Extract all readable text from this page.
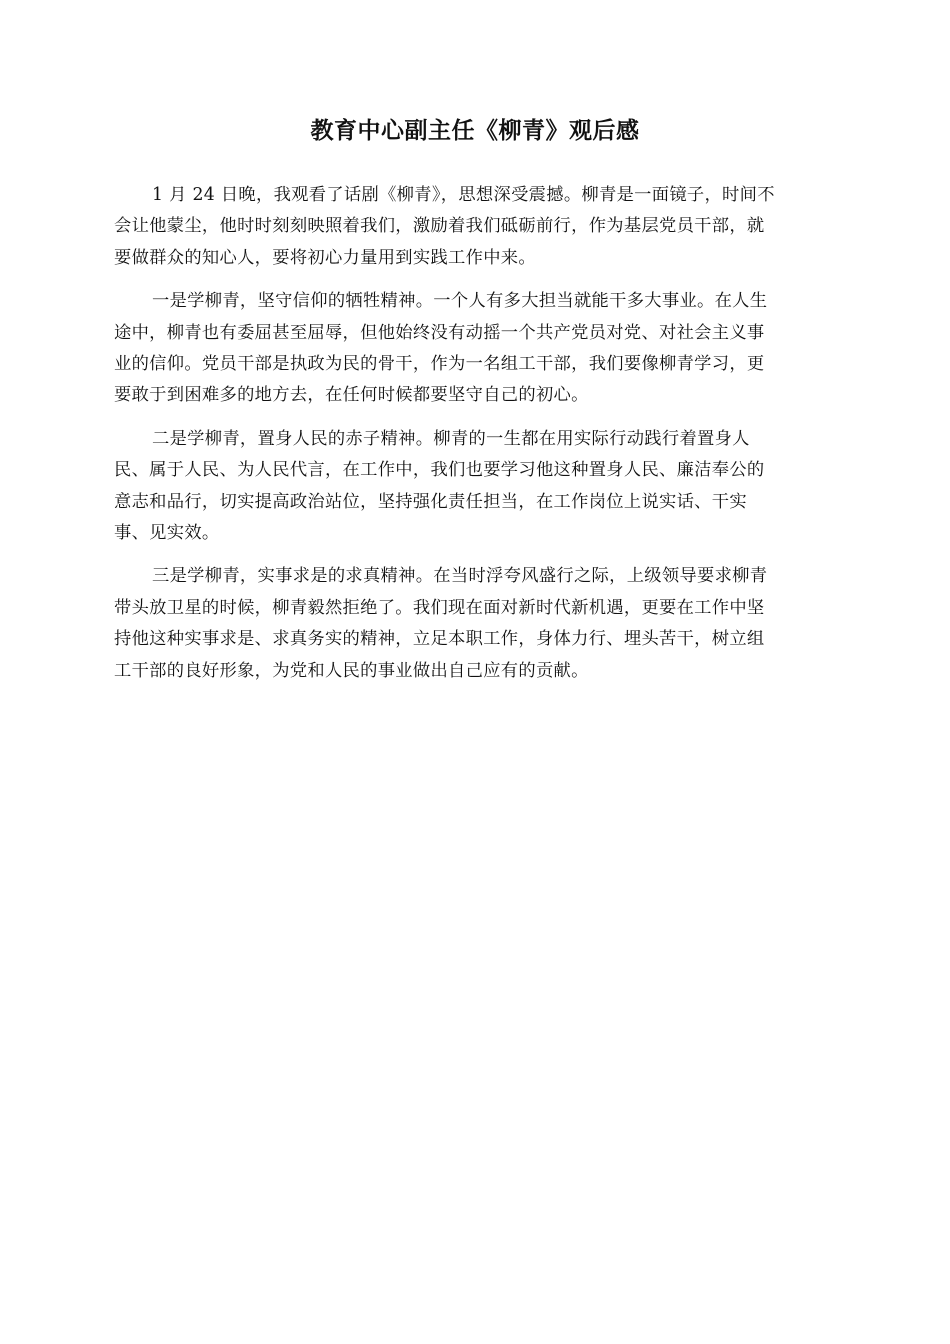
教育中心副主任《柳青》观后感

1 月 24 日晚，我观看了话剧《柳青》，思想深受震撼。柳青是一面镜子，时间不
会让他蒙尘，他时时刻刻映照着我们，激励着我们砥砺前行，作为基层党员干部，就
要做群众的知心人，要将初心力量用到实践工作中来。

一是学柳青，坚守信仰的牺牲精神。一个人有多大担当就能干多大事业。在人生
途中，柳青也有委屈甚至屈辱，但他始终没有动摇一个共产党员对党、对社会主义事
业的信仰。党员干部是执政为民的骨干，作为一名组工干部，我们要像柳青学习，更
要敢于到困难多的地方去，在任何时候都要坚守自己的初心。

二是学柳青，置身人民的赤子精神。柳青的一生都在用实际行动践行着置身人
民、属于人民、为人民代言，在工作中，我们也要学习他这种置身人民、廉洁奉公的
意志和品行，切实提高政治站位，坚持强化责任担当，在工作岗位上说实话、干实
事、见实效。

三是学柳青，实事求是的求真精神。在当时浮夸风盛行之际，上级领导要求柳青
带头放卫星的时候，柳青毅然拒绝了。我们现在面对新时代新机遇，更要在工作中坚
持他这种实事求是、求真务实的精神，立足本职工作，身体力行、埋头苦干，树立组
工干部的良好形象，为党和人民的事业做出自己应有的贡献。
